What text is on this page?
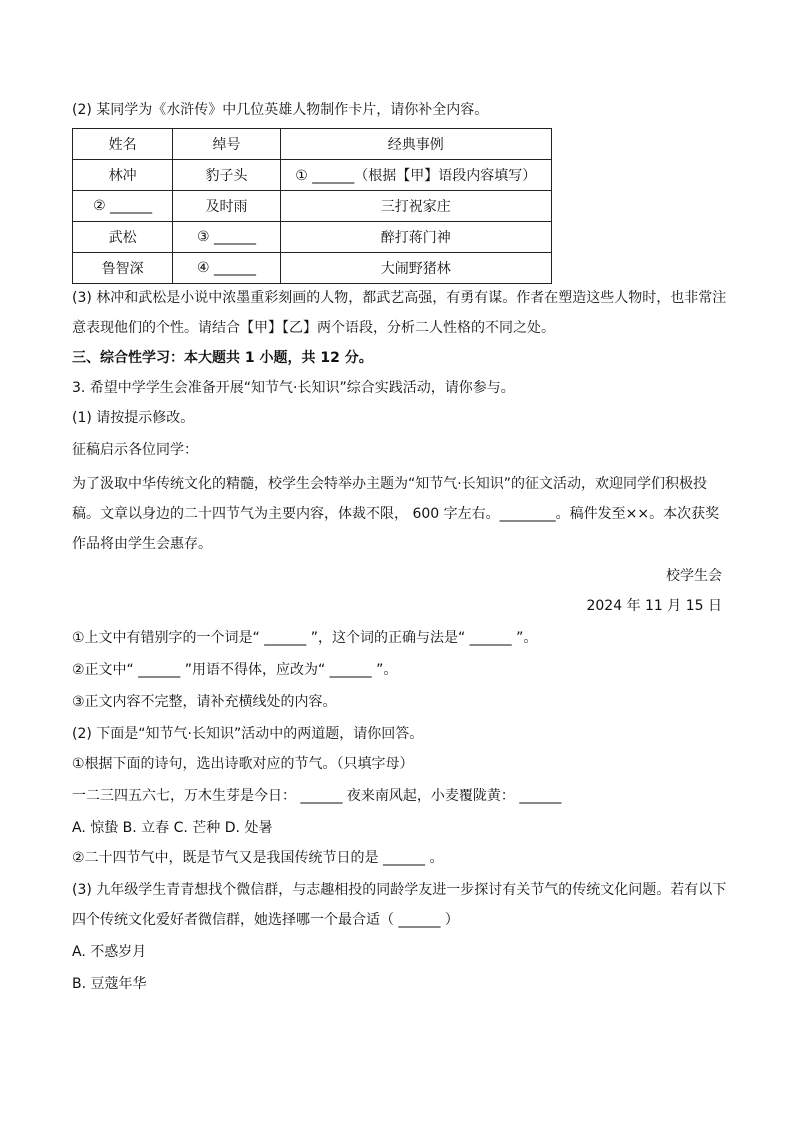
(2) 某同学为《水浒传》中几位英雄人物制作卡片，请你补全内容。
姓名	绰号	经典事例
林冲	豹子头	① ______（根据【甲】语段内容填写）
② ______	及时雨	三打祝家庄
武松	③ ______	醉打蒋门神
鲁智深	④ ______	大闹野猪林
(3) 林冲和武松是小说中浓墨重彩刻画的人物，都武艺高强，有勇有谋。作者在塑造这些人物时，也非常注
意表现他们的个性。请结合【甲】【乙】两个语段，分析二人性格的不同之处。
三、综合性学习：本大题共 1 小题，共 12 分。
3. 希望中学学生会准备开展“知节气·长知识”综合实践活动，请你参与。
(1) 请按提示修改。
征稿启示各位同学：
为了汲取中华传统文化的精髓，校学生会特举办主题为“知节气·长知识”的征文活动，欢迎同学们积极投
稿。文章以身边的二十四节气为主要内容，体裁不限， 600 字左右。________。稿件发至××。本次获奖
作品将由学生会惠存。
校学生会
2024 年 11 月 15 日
①上文中有错别字的一个词是“ ______ ”，这个词的正确与法是“ ______ ”。
②正文中“ ______ ”用语不得体，应改为“ ______ ”。
③正文内容不完整，请补充横线处的内容。
(2) 下面是“知节气·长知识”活动中的两道题，请你回答。
①根据下面的诗句，选出诗歌对应的节气。（只填字母）
一二三四五六七，万木生芽是今日： ______ 夜来南风起，小麦覆陇黄： ______
A. 惊蛰 B. 立春 C. 芒种 D. 处暑
②二十四节气中，既是节气又是我国传统节日的是 ______ 。
(3) 九年级学生青青想找个微信群，与志趣相投的同龄学友进一步探讨有关节气的传统文化问题。若有以下
四个传统文化爱好者微信群，她选择哪一个最合适（ ______ ）
A. 不惑岁月
B. 豆蔻年华
